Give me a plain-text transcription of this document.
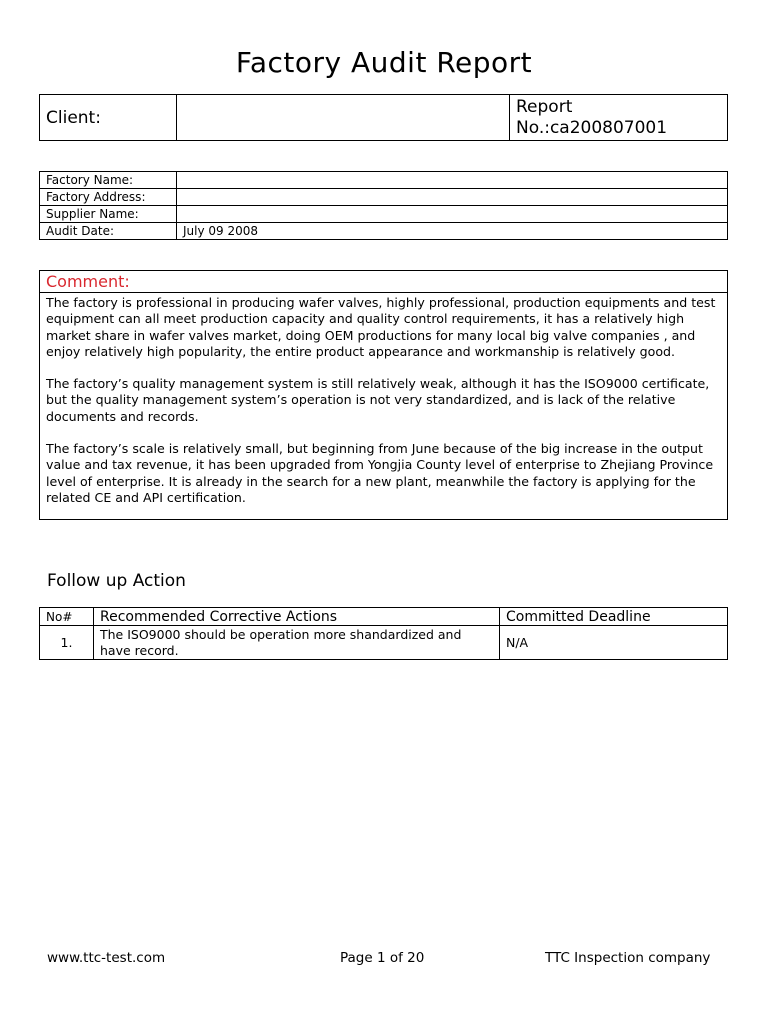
Factory Audit Report
Client:		
Report
No.:ca200807001
Factory Name:	
Factory Address:	
Supplier Name:	
Audit Date:	July 09 2008
Comment:

The factory is professional in producing wafer valves, highly professional, production equipments and test equipment can all meet production capacity and quality control requirements, it has a relatively high market share in wafer valves market, doing OEM productions for many local big valve companies , and enjoy relatively high popularity, the entire product appearance and workmanship is relatively good.

The factory’s quality management system is still relatively weak, although it has the ISO9000 certificate, but the quality management system’s operation is not very standardized, and is lack of the relative documents and records.

The factory’s scale is relatively small, but beginning from June because of the big increase in the output value and tax revenue, it has been upgraded from Yongjia County level of enterprise to Zhejiang Province level of enterprise. It is already in the search for a new plant, meanwhile the factory is applying for the related CE and API certification.

Follow up Action
No#	Recommended Corrective Actions	Committed Deadline
1.	The ISO9000 should be operation more shandardized and have record.	N/A
www.ttc-test.com	Page 1 of 20	TTC Inspection company
